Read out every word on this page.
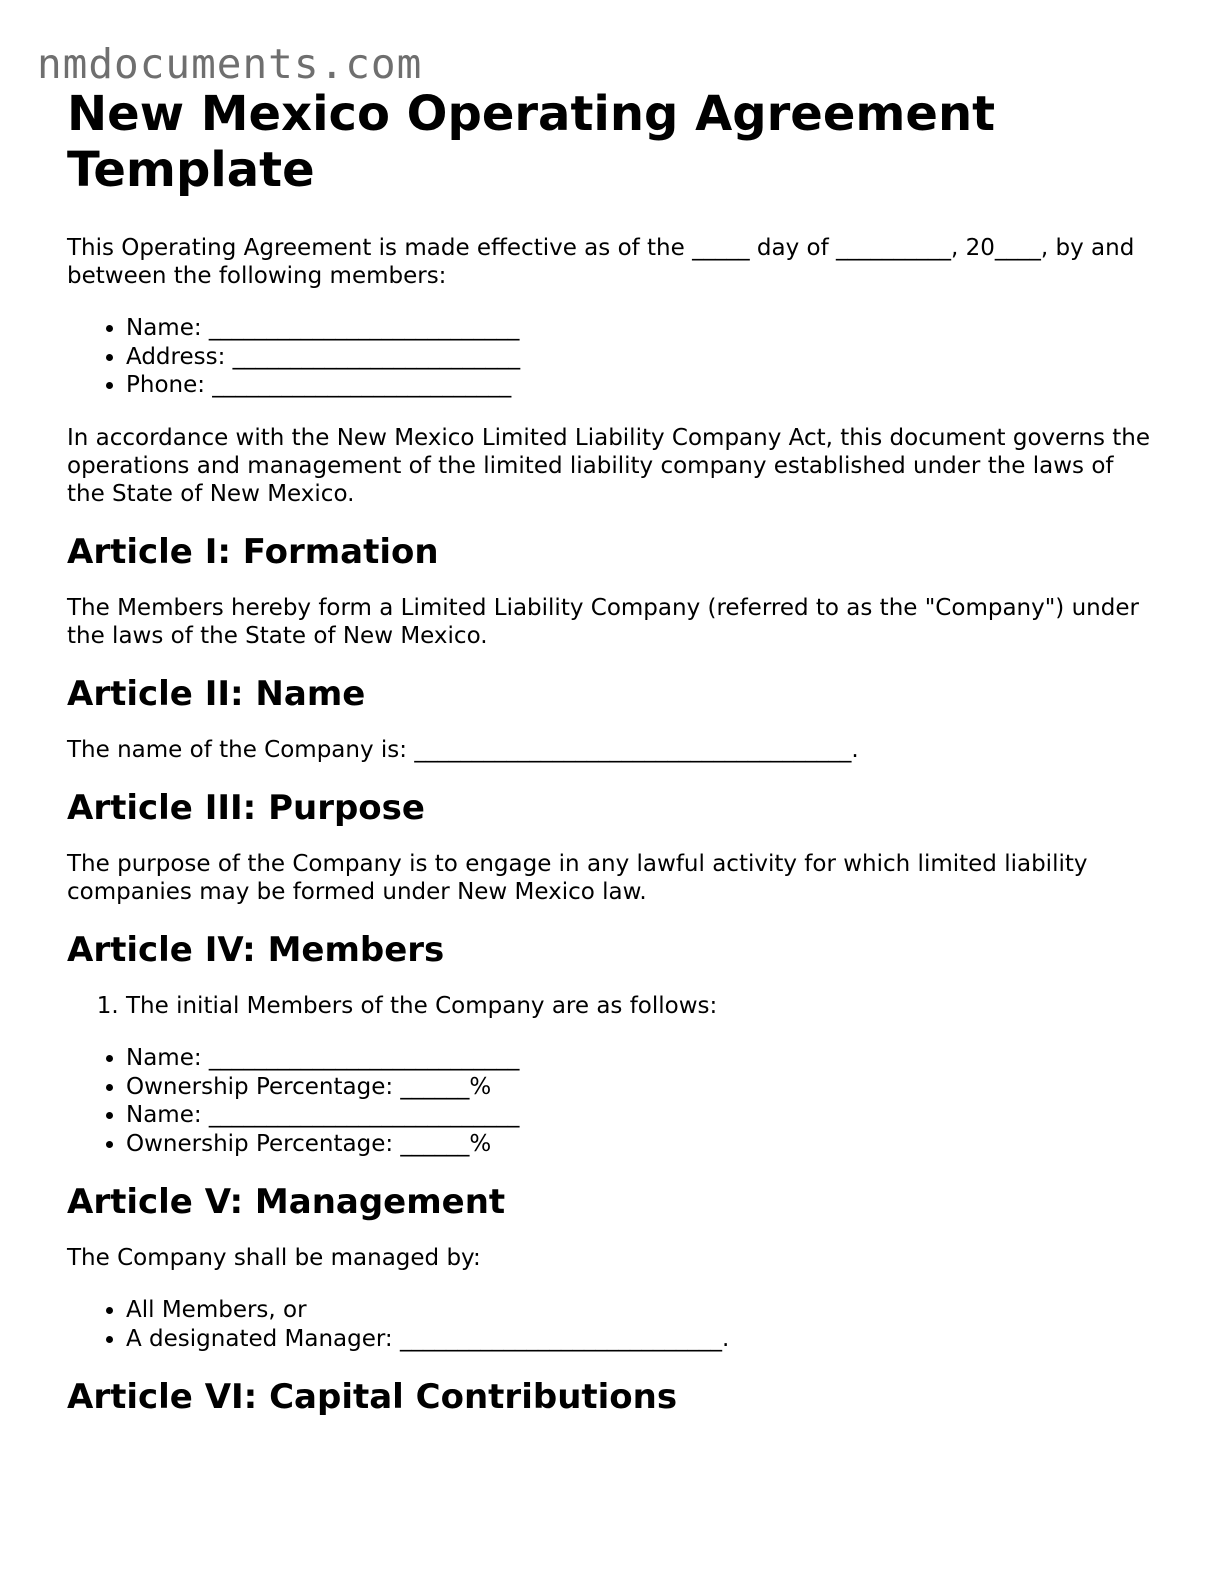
nmdocuments.com
New Mexico Operating Agreement Template

This Operating Agreement is made effective as of the _____ day of __________, 20____, by and between the following members:

• Name: ___________________________
• Address: _________________________
• Phone: __________________________

In accordance with the New Mexico Limited Liability Company Act, this document governs the operations and management of the limited liability company established under the laws of the State of New Mexico.

Article I: Formation

The Members hereby form a Limited Liability Company (referred to as the "Company") under the laws of the State of New Mexico.

Article II: Name

The name of the Company is: ______________________________________.

Article III: Purpose

The purpose of the Company is to engage in any lawful activity for which limited liability companies may be formed under New Mexico law.

Article IV: Members
1. The initial Members of the Company are as follows:
• Name: ___________________________
• Ownership Percentage: ______%
• Name: ___________________________
• Ownership Percentage: ______%
Article V: Management

The Company shall be managed by:

• All Members, or
• A designated Manager: ____________________________.
Article VI: Capital Contributions
